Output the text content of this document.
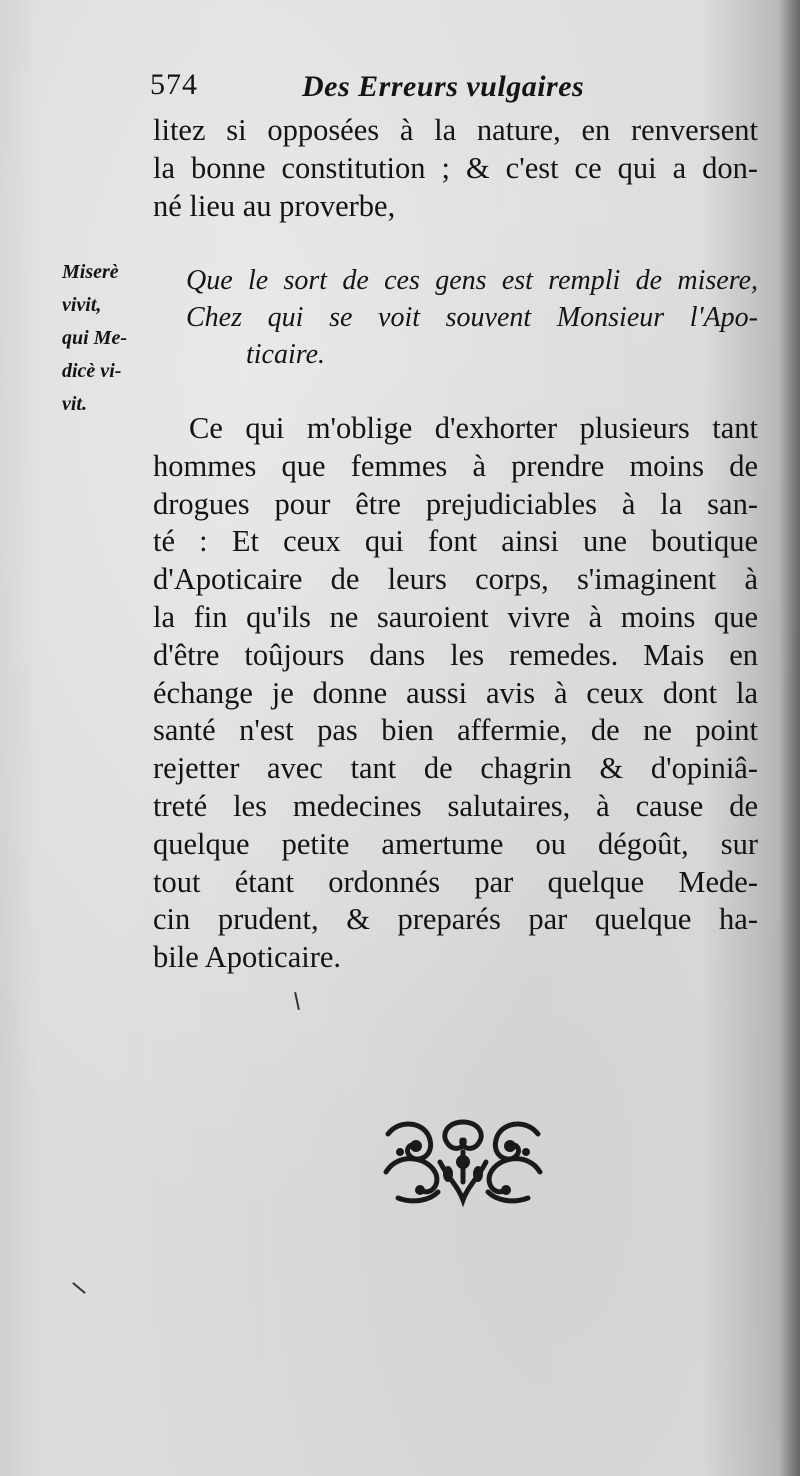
574	Des Erreurs vulgaires
litez si opposées à la nature, en renversent
la bonne constitution ; & c'est ce qui a don-
né lieu au proverbe,
Miserè
vivit,
qui Me-
dicè vi-
vit.
Que le sort de ces gens est rempli de misere,
Chez qui se voit souvent Monsieur l'Apo-
ticaire.
Ce qui m'oblige d'exhorter plusieurs tant
hommes que femmes à prendre moins de
drogues pour être prejudiciables à la san-
té : Et ceux qui font ainsi une boutique
d'Apoticaire de leurs corps, s'imaginent à
la fin qu'ils ne sauroient vivre à moins que
d'être toûjours dans les remedes. Mais en
échange je donne aussi avis à ceux dont la
santé n'est pas bien affermie, de ne point
rejetter avec tant de chagrin & d'opiniâ-
treté les medecines salutaires, à cause de
quelque petite amertume ou dégoût, sur
tout étant ordonnés par quelque Mede-
cin prudent, & preparés par quelque ha-
bile Apoticaire.
